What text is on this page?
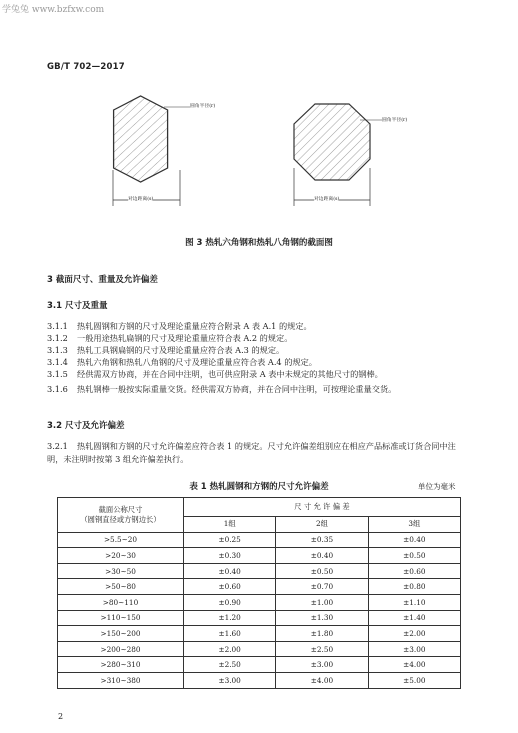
学兔兔 www.bzfxw.com
GB/T 702—2017
圆角半径(r)
对边距离(s)
圆角半径(r)
对边距离(s)
图 3 热轧六角钢和热轧八角钢的截面图
3 截面尺寸、重量及允许偏差
3.1 尺寸及重量
3.1.1 热轧圆钢和方钢的尺寸及理论重量应符合附录 A 表 A.1 的规定。
3.1.2 一般用途热轧扁钢的尺寸及理论重量应符合表 A.2 的规定。
3.1.3 热轧工具钢扁钢的尺寸及理论重量应符合表 A.3 的规定。
3.1.4 热轧六角钢和热轧八角钢的尺寸及理论重量应符合表 A.4 的规定。
3.1.5 经供需双方协商，并在合同中注明，也可供应附录 A 表中未规定的其他尺寸的钢棒。
3.1.6 热轧钢棒一般按实际重量交货。经供需双方协商，并在合同中注明，可按理论重量交货。
3.2 尺寸及允许偏差
3.2.1 热轧圆钢和方钢的尺寸允许偏差应符合表 1 的规定。尺寸允许偏差组别应在相应产品标准或订货合同中注明，未注明时按第 3 组允许偏差执行。
表 1 热轧圆钢和方钢的尺寸允许偏差	单位为毫米
截面公称尺寸
（圆钢直径或方钢边长）	尺 寸 允 许 偏 差		
	1组	2组	3组
>5.5~20	±0.25	±0.35	±0.40
>20~30	±0.30	±0.40	±0.50
>30~50	±0.40	±0.50	±0.60
>50~80	±0.60	±0.70	±0.80
>80~110	±0.90	±1.00	±1.10
>110~150	±1.20	±1.30	±1.40
>150~200	±1.60	±1.80	±2.00
>200~280	±2.00	±2.50	±3.00
>280~310	±2.50	±3.00	±4.00
>310~380	±3.00	±4.00	±5.00
2
